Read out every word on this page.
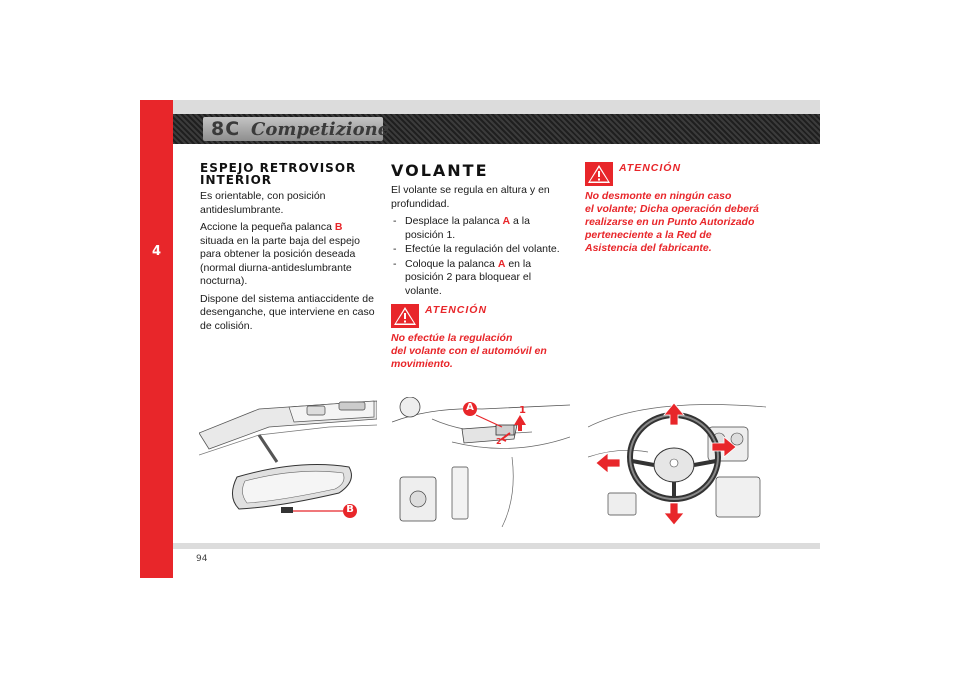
4
8C Competizione
ESPEJO RETROVISOR INTERIOR

Es orientable, con posición antideslumbrante.

Accione la pequeña palanca B situada en la parte baja del espejo para obtener la posición deseada (normal diurna-antideslumbrante nocturna).

Dispone del sistema antiaccidente de desenganche, que interviene en caso de colisión.

VOLANTE

El volante se regula en altura y en profundidad.

- Desplace la palanca A a la posición 1.
- Efectúe la regulación del volante.
- Coloque la palanca A en la posición 2 para bloquear el volante.
ATENCIÓN
No efectúe la regulación
del volante con el automóvil en movimiento.
ATENCIÓN
No desmonte en ningún caso
el volante; Dicha operación deberá realizarse en un Punto Autorizado perteneciente a la Red de Asistencia del fabricante.
B
A	1
2
94
